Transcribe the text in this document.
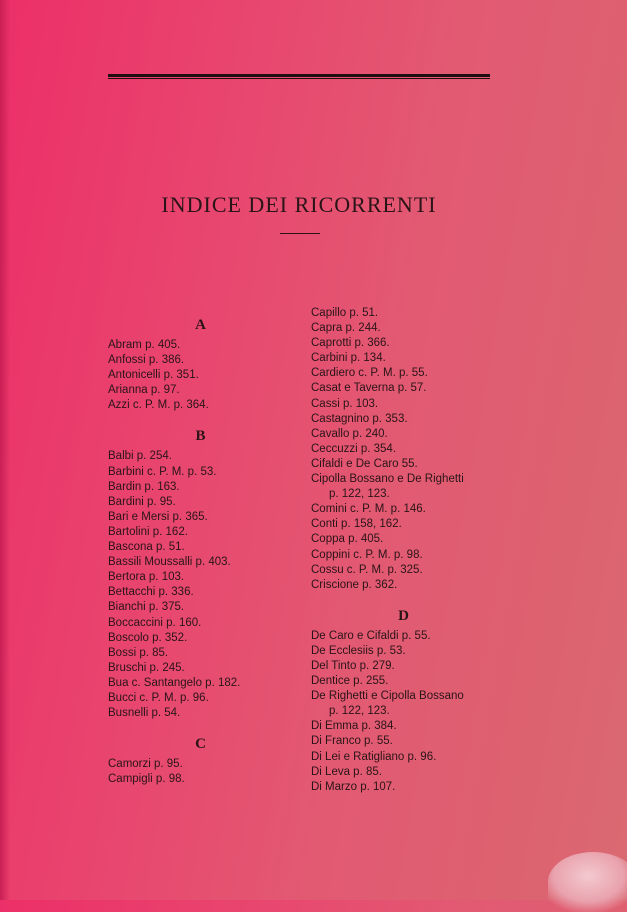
INDICE DEI RICORRENTI
A
Abram p. 405.
Anfossi p. 386.
Antonicelli p. 351.
Arianna p. 97.
Azzi c. P. M. p. 364.
B
Balbi p. 254.
Barbini c. P. M. p. 53.
Bardin p. 163.
Bardini p. 95.
Bari e Mersi p. 365.
Bartolini p. 162.
Bascona p. 51.
Bassili Moussalli p. 403.
Bertora p. 103.
Bettacchi p. 336.
Bianchi p. 375.
Boccaccini p. 160.
Boscolo p. 352.
Bossi p. 85.
Bruschi p. 245.
Bua c. Santangelo p. 182.
Bucci c. P. M. p. 96.
Busnelli p. 54.
C
Camorzi p. 95.
Campigli p. 98.
Capillo p. 51.
Capra p. 244.
Caprotti p. 366.
Carbini p. 134.
Cardiero c. P. M. p. 55.
Casat e Taverna p. 57.
Cassi p. 103.
Castagnino p. 353.
Cavallo p. 240.
Ceccuzzi p. 354.
Cifaldi e De Caro 55.
Cipolla Bossano e De Righetti
p. 122, 123.
Comini c. P. M. p. 146.
Conti p. 158, 162.
Coppa p. 405.
Coppini c. P. M. p. 98.
Cossu c. P. M. p. 325.
Criscione p. 362.
D
De Caro e Cifaldi p. 55.
De Ecclesiis p. 53.
Del Tinto p. 279.
Dentice p. 255.
De Righetti e Cipolla Bossano
p. 122, 123.
Di Emma p. 384.
Di Franco p. 55.
Di Lei e Ratigliano p. 96.
Di Leva p. 85.
Di Marzo p. 107.
